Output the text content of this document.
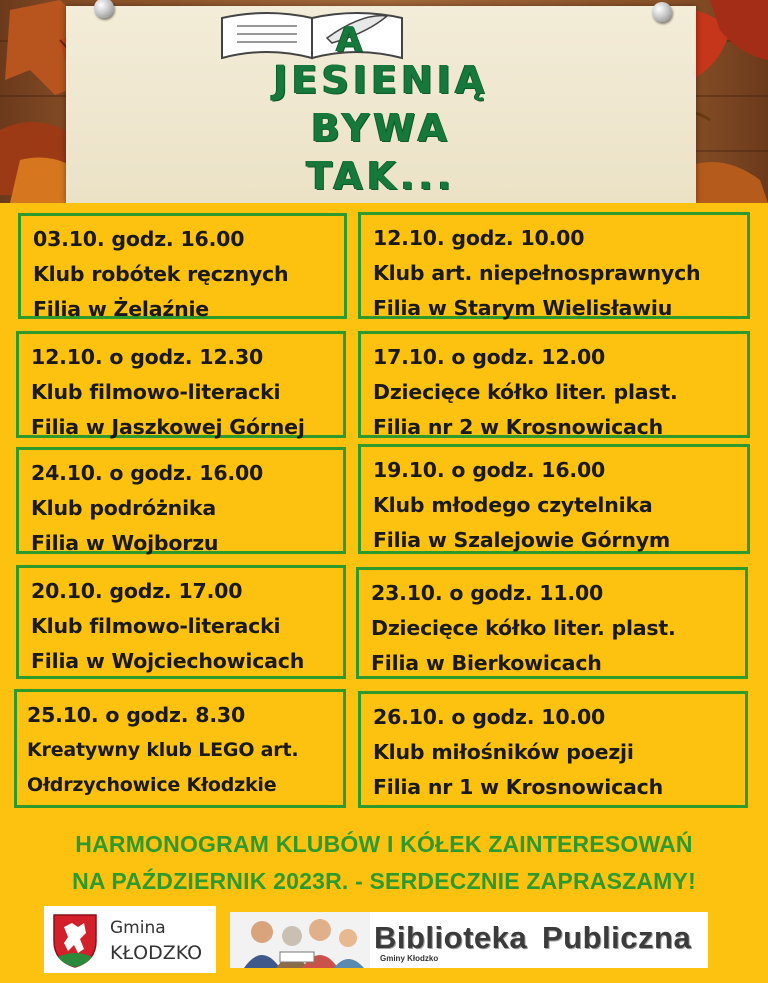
A
JESIENIĄ
BYWA
TAK...
03.10. godz. 16.00
Klub robótek ręcznych
Filia w Żelaźnie
12.10. godz. 10.00
Klub art. niepełnosprawnych
Filia w Starym Wielisławiu
12.10. o godz. 12.30
Klub filmowo-literacki
Filia w Jaszkowej Górnej
17.10. o godz. 12.00
Dziecięce kółko liter. plast.
Filia nr 2 w Krosnowicach
24.10. o godz. 16.00
Klub podróżnika
Filia w Wojborzu
19.10. o godz. 16.00
Klub młodego czytelnika
Filia w Szalejowie Górnym
20.10. godz. 17.00
Klub filmowo-literacki
Filia w Wojciechowicach
23.10. o godz. 11.00
Dziecięce kółko liter. plast.
Filia w Bierkowicach
25.10. o godz. 8.30
Kreatywny klub LEGO art.
Ołdrzychowice Kłodzkie
26.10. o godz. 10.00
Klub miłośników poezji
Filia nr 1 w Krosnowicach
HARMONOGRAM KLUBÓW I KÓŁEK ZAINTERESOWAŃ
NA PAŹDZIERNIK 2023R. - SERDECZNIE ZAPRASZAMY!
Gmina
KŁODZKO	Biblioteka Publiczna
Gminy Kłodzko
